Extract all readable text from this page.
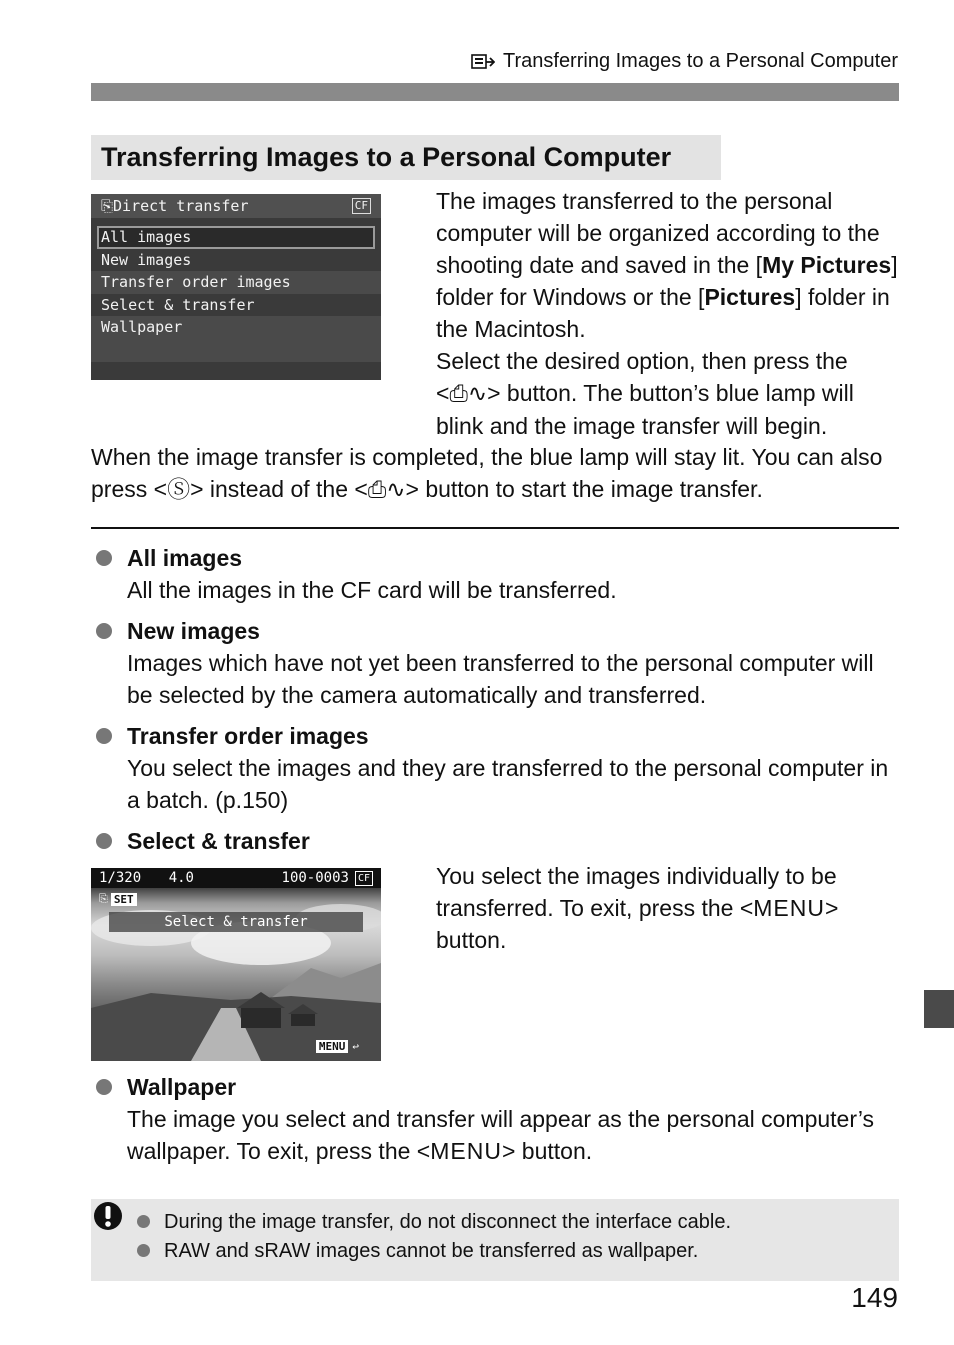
Transferring Images to a Personal Computer
Transferring Images to a Personal Computer
⎘Direct transfer	CF
All images
New images
Transfer order images
Select & transfer
Wallpaper
The images transferred to the personal computer will be organized according to the shooting date and saved in the [My Pictures] folder for Windows or the [Pictures] folder in the Macintosh.
Select the desired option, then press the <⎙∿> button. The button’s blue lamp will blink and the image transfer will begin.
When the image transfer is completed, the blue lamp will stay lit. You can also press <Ⓢ> instead of the <⎙∿> button to start the image transfer.
All images
All the images in the CF card will be transferred.
New images
Images which have not yet been transferred to the personal computer will be selected by the camera automatically and transferred.
Transfer order images
You select the images and they are transferred to the personal computer in a batch. (p.150)
Select & transfer
1/320 4.0	100-0003 CF
⎘ SET
Select & transfer
MENU ↩
You select the images individually to be transferred. To exit, press the <MENU> button.
Wallpaper
The image you select and transfer will appear as the personal computer’s wallpaper. To exit, press the <MENU> button.
During the image transfer, do not disconnect the interface cable.
RAW and sRAW images cannot be transferred as wallpaper.
149
